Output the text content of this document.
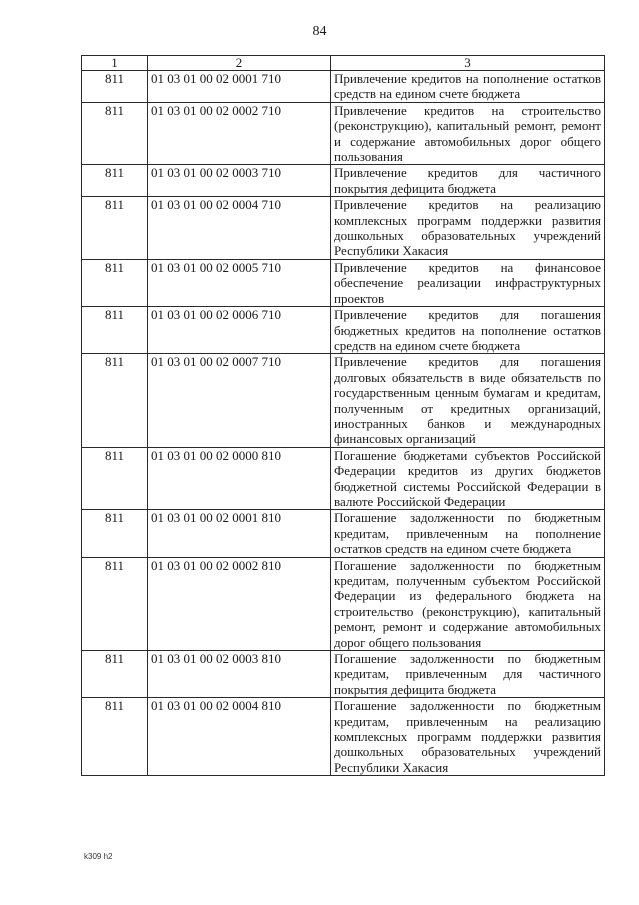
84
1	2	3
811	01 03 01 00 02 0001 710	Привлечение кредитов на пополнение остатков средств на едином счете бюджета
811	01 03 01 00 02 0002 710	Привлечение кредитов на строительство (реконструкцию), капитальный ремонт, ремонт и содержание автомобильных дорог общего пользования
811	01 03 01 00 02 0003 710	Привлечение кредитов для частичного покрытия дефицита бюджета
811	01 03 01 00 02 0004 710	Привлечение кредитов на реализацию комплексных программ поддержки развития дошкольных образовательных учреждений Республики Хакасия
811	01 03 01 00 02 0005 710	Привлечение кредитов на финансовое обеспечение реализации инфраструктурных проектов
811	01 03 01 00 02 0006 710	Привлечение кредитов для погашения бюджетных кредитов на пополнение остатков средств на едином счете бюджета
811	01 03 01 00 02 0007 710	Привлечение кредитов для погашения долговых обязательств в виде обязательств по государственным ценным бумагам и кредитам, полученным от кредитных организаций, иностранных банков и международных финансовых организаций
811	01 03 01 00 02 0000 810	Погашение бюджетами субъектов Российской Федерации кредитов из других бюджетов бюджетной системы Российской Федерации в валюте Российской Федерации
811	01 03 01 00 02 0001 810	Погашение задолженности по бюджетным кредитам, привлеченным на пополнение остатков средств на едином счете бюджета
811	01 03 01 00 02 0002 810	Погашение задолженности по бюджетным кредитам, полученным субъектом Российской Федерации из федерального бюджета на строительство (реконструкцию), капитальный ремонт, ремонт и содержание автомобильных дорог общего пользования
811	01 03 01 00 02 0003 810	Погашение задолженности по бюджетным кредитам, привлеченным для частичного покрытия дефицита бюджета
811	01 03 01 00 02 0004 810	Погашение задолженности по бюджетным кредитам, привлеченным на реализацию комплексных программ поддержки развития дошкольных образовательных учреждений Республики Хакасия
k309 h2
